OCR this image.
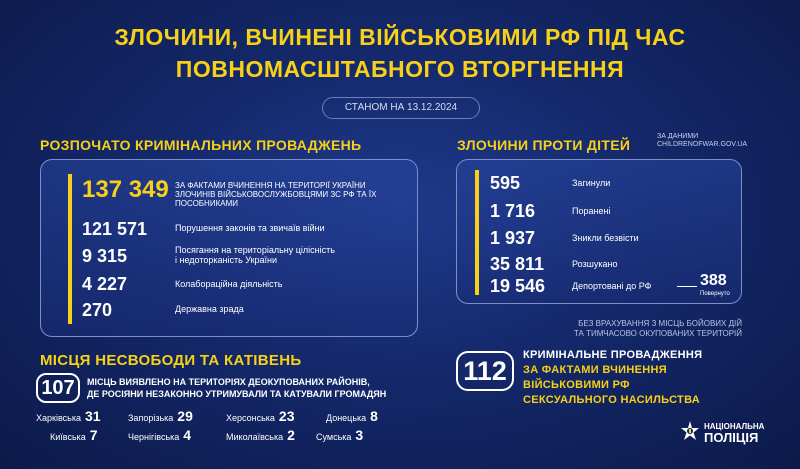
ЗЛОЧИНИ, ВЧИНЕНІ ВІЙСЬКОВИМИ РФ ПІД ЧАС
ПОВНОМАСШТАБНОГО ВТОРГНЕННЯ
СТАНОМ НА 13.12.2024
РОЗПОЧАТО КРИМІНАЛЬНИХ ПРОВАДЖЕНЬ
137 349 ЗА ФАКТАМИ ВЧИНЕННЯ НА ТЕРИТОРІЇ УКРАЇНИ ЗЛОЧИНІВ ВІЙСЬКОВОСЛУЖБОВЦЯМИ ЗС РФ ТА ЇХ ПОСОБНИКАМИ
121 571	Порушення законів та звичаїв війни
9 315	Посягання на територіальну цілісність і недоторканість України
4 227	Колабораційна діяльність
270	Державна зрада
ЗЛОЧИНИ ПРОТИ ДІТЕЙ
ЗА ДАНИМИ CHILDRENOFWAR.GOV.UA
595	Загинули
1 716	Поранені
1 937	Зникли безвісти
35 811	Розшукано
19 546	Депортовані до РФ	388
Повернуто
БЕЗ ВРАХУВАННЯ З МІСЦЬ БОЙОВИХ ДІЙ
ТА ТИМЧАСОВО ОКУПОВАНИХ ТЕРИТОРІЙ
МІСЦЯ НЕСВОБОДИ ТА КАТІВЕНЬ
107	МІСЦЬ ВИЯВЛЕНО НА ТЕРИТОРІЯХ ДЕОКУПОВАНИХ РАЙОНІВ,
ДЕ РОСІЯНИ НЕЗАКОННО УТРИМУВАЛИ ТА КАТУВАЛИ ГРОМАДЯН
Харківська 31	Запорізька 29	Херсонська 23	Донецька 8
Київська 7	Чернігівська 4	Миколаївська 2 Сумська 3
112
КРИМІНАЛЬНЕ ПРОВАДЖЕННЯ
ЗА ФАКТАМИ ВЧИНЕННЯ
ВІЙСЬКОВИМИ РФ
СЕКСУАЛЬНОГО НАСИЛЬСТВА
НАЦІОНАЛЬНА
ПОЛІЦІЯ
